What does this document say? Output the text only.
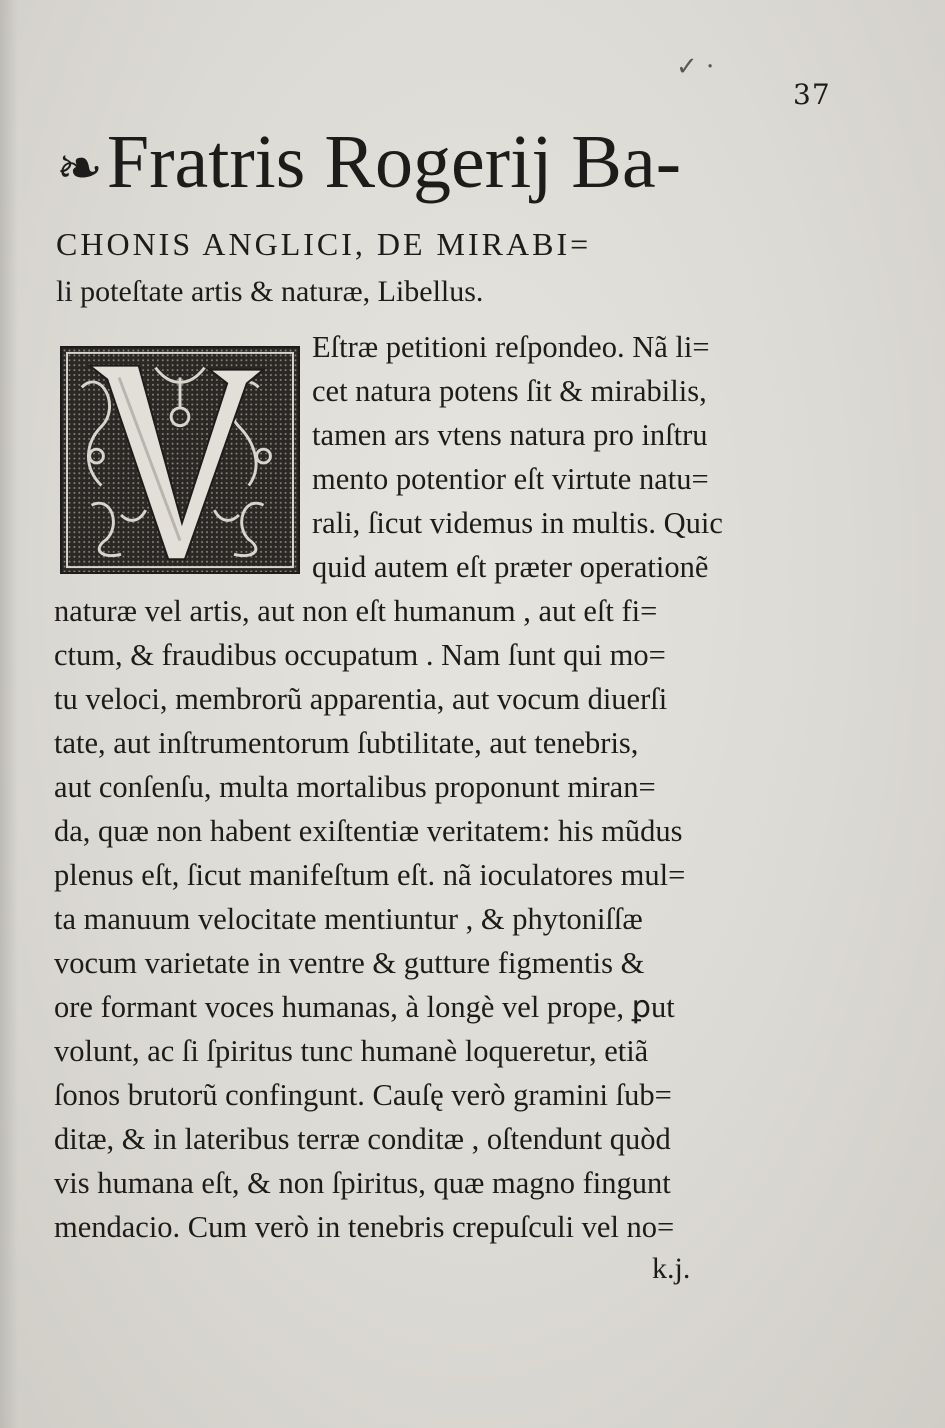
✓ ·
37
❧Fratris Rogerij Ba-
CHONIS ANGLICI, DE MIRABI=
li poteſtate artis & naturæ, Libellus.
Eſtræ petitioni reſpondeo. Nã li=
cet natura potens ſit & mirabilis,
tamen ars vtens natura pro inſtru
mento potentior eſt virtute natu=
rali, ſicut videmus in multis. Quic
quid autem eſt præter operationẽ
naturæ vel artis, aut non eſt humanum , aut eſt fi=
ctum, & fraudibus occupatum . Nam ſunt qui mo=
tu veloci, membrorũ apparentia, aut vocum diuerſi
tate, aut inſtrumentorum ſubtilitate, aut tenebris,
aut conſenſu, multa mortalibus proponunt miran=
da, quæ non habent exiſtentiæ veritatem: his mũdus
plenus eſt, ſicut manifeſtum eſt. nã ioculatores mul=
ta manuum velocitate mentiuntur , & phytoniſſæ
vocum varietate in ventre & gutture figmentis &
ore formant voces humanas, à longè vel prope, ꝑut
volunt, ac ſi ſpiritus tunc humanè loqueretur, etiã
ſonos brutorũ confingunt. Cauſę verò gramini ſub=
ditæ, & in lateribus terræ conditæ , oſtendunt quòd
vis humana eſt, & non ſpiritus, quæ magno fingunt
mendacio. Cum verò in tenebris crepuſculi vel no=
k.j.
